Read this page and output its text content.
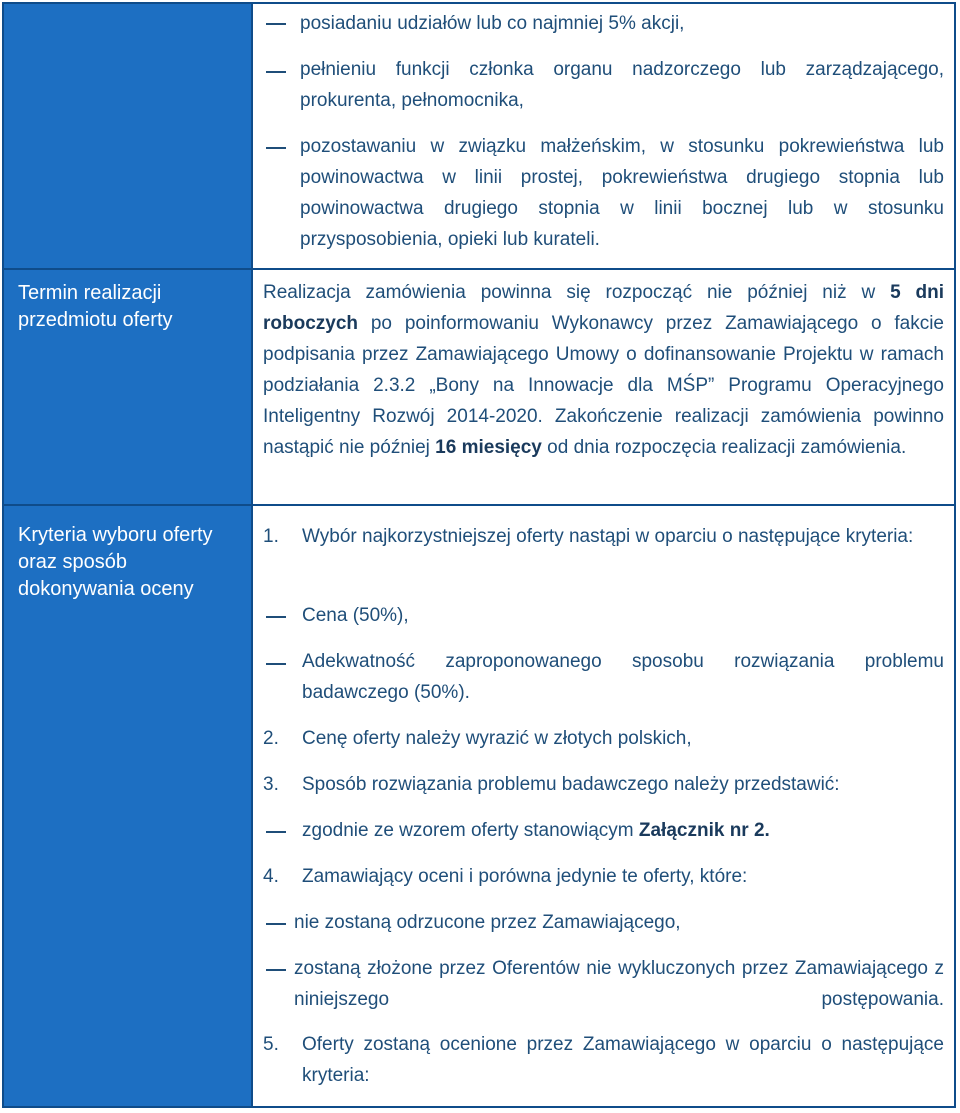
Termin realizacji przedmiotu oferty
Kryteria wyboru oferty oraz sposób dokonywania oceny
posiadaniu udziałów lub co najmniej 5% akcji,
pełnieniu funkcji członka organu nadzorczego lub zarządzającego, prokurenta, pełnomocnika,
pozostawaniu w związku małżeńskim, w stosunku pokrewieństwa lub powinowactwa w linii prostej, pokrewieństwa drugiego stopnia lub powinowactwa drugiego stopnia w linii bocznej lub w stosunku przysposobienia, opieki lub kurateli.
Realizacja zamówienia powinna się rozpocząć nie później niż w 5 dni roboczych po poinformowaniu Wykonawcy przez Zamawiającego o fakcie podpisania przez Zamawiającego Umowy o dofinansowanie Projektu w ramach podziałania 2.3.2 „Bony na Innowacje dla MŚP” Programu Operacyjnego Inteligentny Rozwój 2014-2020. Zakończenie realizacji zamówienia powinno nastąpić nie później 16 miesięcy od dnia rozpoczęcia realizacji zamówienia.
1. Wybór najkorzystniejszej oferty nastąpi w oparciu o następujące kryteria:
Cena (50%),
Adekwatność zaproponowanego sposobu rozwiązania problemu badawczego (50%).
2. Cenę oferty należy wyrazić w złotych polskich,
3. Sposób rozwiązania problemu badawczego należy przedstawić:
zgodnie ze wzorem oferty stanowiącym Załącznik nr 2.
4. Zamawiający oceni i porówna jedynie te oferty, które:
nie zostaną odrzucone przez Zamawiającego,
zostaną złożone przez Oferentów nie wykluczonych przez Zamawiającego z niniejszego postępowania.
5. Oferty zostaną ocenione przez Zamawiającego w oparciu o następujące kryteria:
